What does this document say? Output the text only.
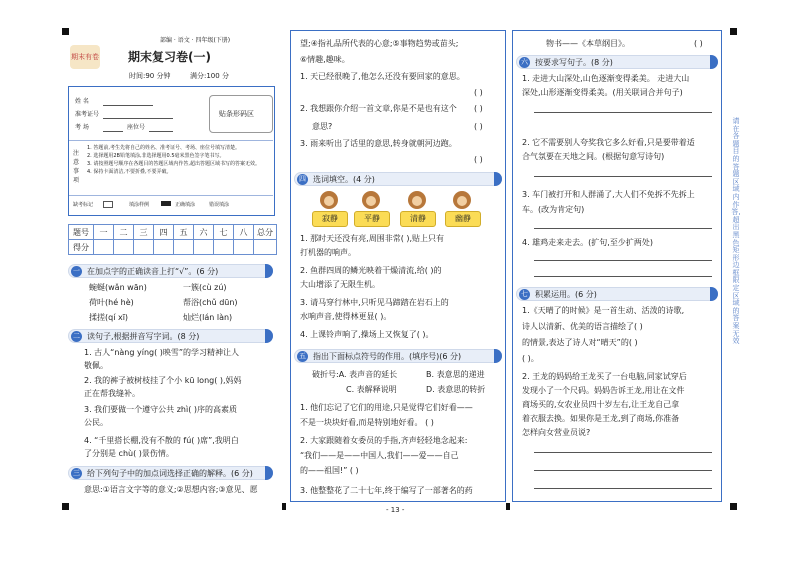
期末有卷
部编 · 语文 · 四年级(下册)
期末复习卷(一)
时间:90 分钟	满分:100 分
姓 名
准考证号
考 场	座位号
贴条形码区
注意事项
1. 答题前,考生先将自己的姓名、准考证号、考场、座位号填写清楚。
2. 选择题用2B铅笔填涂,非选择题用0.5毫米黑色签字笔书写。
3. 请按照题号顺序在各题目的答题区域内作答,超出答题区域书写的答案无效。
4. 保持卡面清洁,不要折叠,不要弄破。
缺考标记	填涂样例	正确填涂	错误填涂
题号	一	二	三	四	五	六	七	八	总分
得分									
一 在加点字的正确读音上打“√”。(6 分)
蜿蜒(wǎn wān)	一簇(cù zú)
荷叶(hé hè)	帮浴(chǔ dūn)
揉搓(qí xī)	灿烂(lán làn)
二 读句子,根据拼音写字词。(8 分)
1. 古人“nàng yíng( )映雪”的学习精神让人
敬佩。
2. 我的裤子被树枝挂了个小 kū long( ),妈妈
正在帮我缝补。
3. 我们要做一个遵守公共 zhì( )序的高素质
公民。
4. “千里搭长棚,没有不散的 fú( )席”,我明白
了分别是 chù( )景伤情。
三 给下列句子中的加点词选择正确的解释。(6 分)
意思:①语言文字等的意义;②思想内容;③意见、愿
望;④指礼品所代表的心意;⑤事物趋势或苗头;
⑥情趣,趣味。
1. 天已经很晚了,他怎么还没有要回家的意思。
( )
2. 我想跟你介绍一首文章,你是不是也有这个 ( )
意思?	( )
3. 雨来听出了话里的意思,转身就朝河边跑。
( )
四 选词填空。(4 分)
寂静	平静	清静	幽静
1. 那时天还没有亮,周围非常( ),贴上只有
打机器的响声。
2. 鱼群四周的鳞光映着干燥清流,给( )的
大山增添了无限生机。
3. 请马穿行林中,只听见马蹄踏在岩石上的
水响声音,使得林更显( )。
4. 上课铃声响了,操场上又恢复了( )。
五 指出下面标点符号的作用。(填序号)(6 分)
破折号:A. 表声音的延长	B. 表意思的递进
C. 表解释说明	D. 表意思的转折
1. 他们忘记了它们的用途,只是觉得它们好看——
不是一块块好看,而是特别地好看。 ( )
2. 大家跟随着女委员的手指,齐声轻轻地念起来:
“我们——是——中国人,我们——爱——自己
的——祖国!” ( )
3. 他整整花了二十七年,终于编写了一部著名的药
- 13 -
物书——《本草纲目》。	( )
六 按要求写句子。(8 分)
1. 走进大山深处,山色逐渐变得柔美。 走进大山
深处,山形逐渐变得柔美。(用关联词合并句子)
2. 它不需要别人夸奖我它多么好看,只是要带着适
合气氛要在天地之间。(根据句意写诗句)
3. 车门被打开和人群涌了,大人们不免拆不先拆上
车。(改为肯定句)
4. 雄鸡走来走去。(扩句,至少扩两处)
七 积累运用。(6 分)
1.《天晴了的时候》是一首生动、活泼的诗歌,
诗人以清新、优美的语言描绘了( )
的情景,表达了诗人对“晴天”的( )
( )。
2. 王龙的妈妈给王龙买了一台电脑,同家试穿后
发现小了一个尺码。妈妈告诉王龙,用让在文件
商场买的,女农业员四十岁左右,让王龙自己拿
着衣服去换。如果你是王龙,到了商场,你准备
怎样向女营业员说?
请在各题目的答题区域内作答,超出黑色矩形边框限定区域的答案无效
